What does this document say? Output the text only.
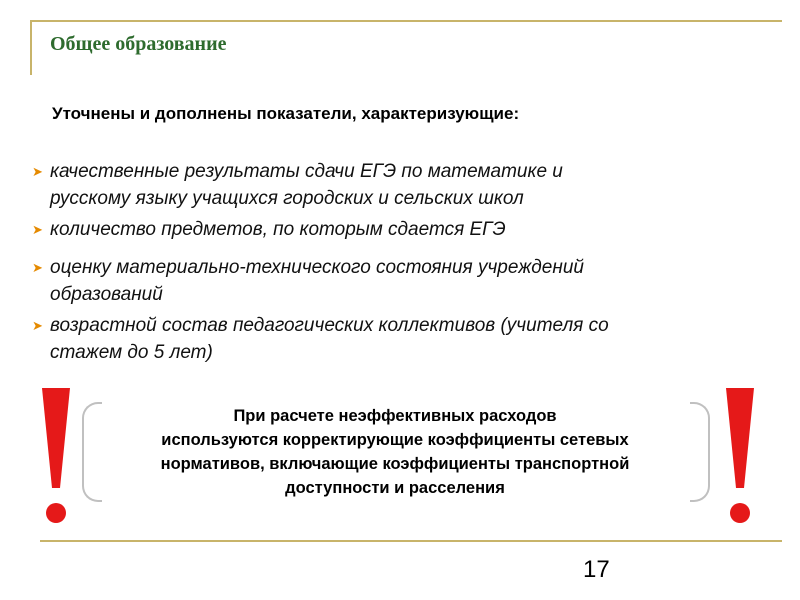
Общее образование
Уточнены и дополнены показатели, характеризующие:
➤ качественные результаты сдачи ЕГЭ по математике и
русскому языку учащихся городских и сельских школ
➤ количество предметов, по которым сдается ЕГЭ
➤ оценку материально-технического состояния учреждений
образований
➤ возрастной состав педагогических коллективов (учителя со
стажем до 5 лет)
При расчете неэффективных расходов
используются корректирующие коэффициенты сетевых
нормативов, включающие коэффициенты транспортной
доступности и расселения
17
